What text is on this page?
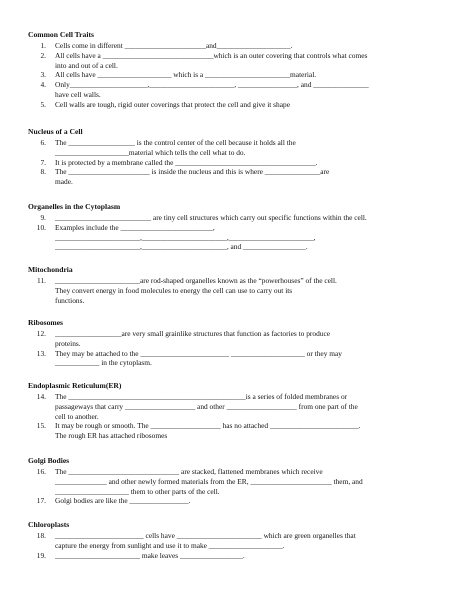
Common Cell Traits
1. Cells come in different ______________________and____________________.
2. All cells have a ______________________________which is an outer covering that controls what comes
into and out of a cell.
3. All cells have ____________________ which is a _______________________material.
4. Only_____________________,_______________________, ________________, and _______________
have cell walls.
5. Cell walls are tough, rigid outer coverings that protect the cell and give it shape
Nucleus of a Cell
6. The __________________ is the control center of the cell because it holds all the
____________________material which tells the cell what to do.
7. It is protected by a membrane called the ______________________________________.
8. The ______________________ is inside the nucleus and this is where _______________are
made.
Organelles in the Cytoplasm
9. __________________________ are tiny cell structures which carry out specific functions within the cell.
10. Examples include the _________________________,
_______________________,_______________________,_______________________,
_______________________,_______________________, and _________________.
Mitochondria
11. _______________________are rod-shaped organelles known as the “powerhouses” of the cell.
They convert energy in food molecules to energy the cell can use to carry out its
functions.
Ribosomes
12. __________________are very small grainlike structures that function as factories to produce
proteins.
13. They may be attached to the ________________________ ____________________ or they may
____________ in the cytoplasm.
Endoplasmic Reticulum(ER)
14. The ________________________________________________is a series of folded membranes or
passageways that carry ___________________ and other ___________________ from one part of the
cell to another.
15. It may be rough or smooth. The ___________________ has no attached ________________________.
The rough ER has attached ribosomes
Golgi Bodies
16. The ______________________________ are stacked, flattened membranes which receive
______________ and other newly formed materials from the ER, ______________________ them, and
____________________ them to other parts of the cell.
17. Golgi bodies are like the ________________.
Chloroplasts
18. ________________________ cells have _______________________ which are green organelles that
capture the energy from sunlight and use it to make ____________________.
19. _______________________ make leaves _________________.
